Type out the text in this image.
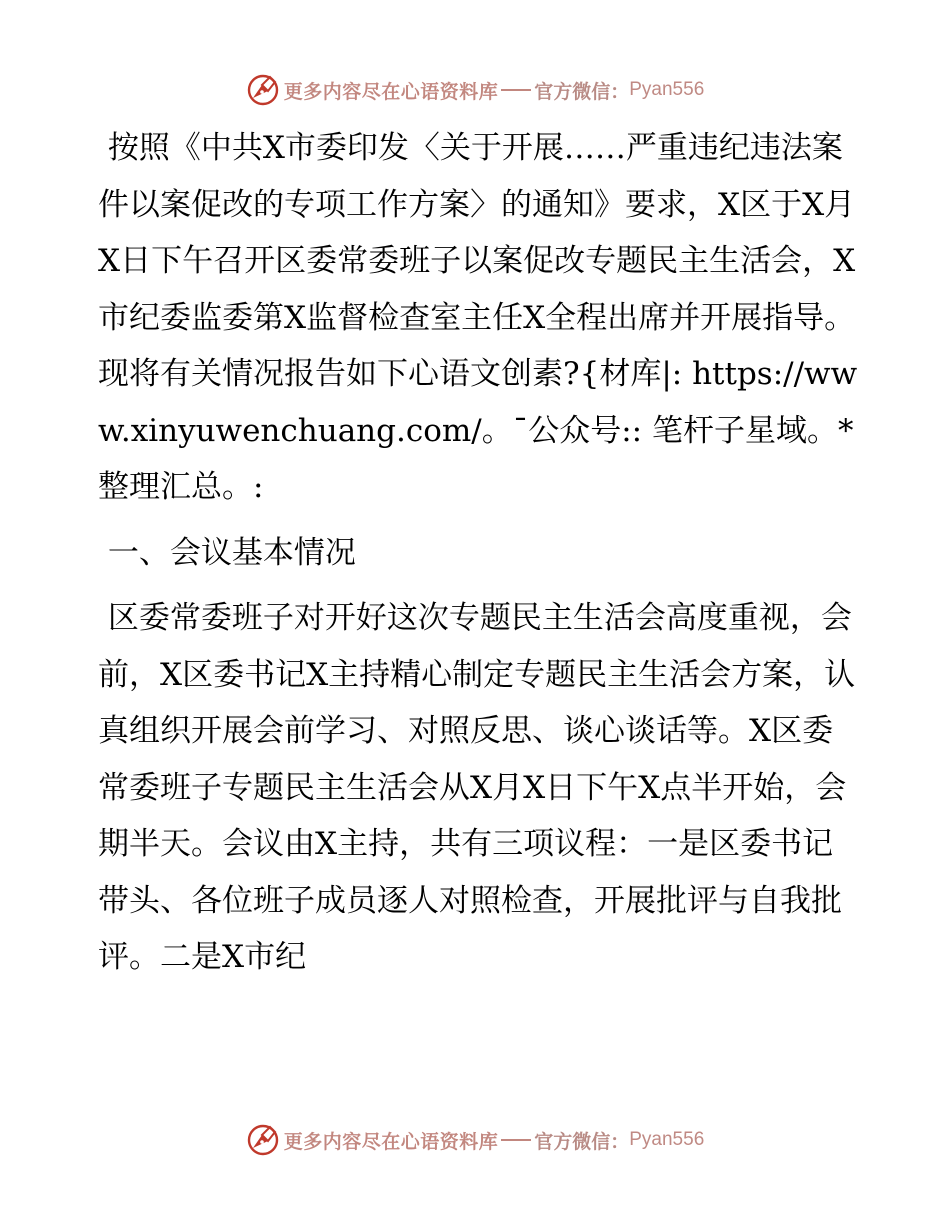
更多内容尽在心语资料库 官方微信： Pyan556

按照《中共X市委印发〈关于开展……严重违纪违法案件以案促改的专项工作方案〉的通知》要求，X区于X月X日下午召开区委常委班子以案促改专题民主生活会，X市纪委监委第X监督检查室主任X全程出席并开展指导。现将有关情况报告如下心语文创素?{材库|: https://www.xinyuwenchuang.com/。¯公众号:: 笔杆子星域。*整理汇总。:

一、会议基本情况

区委常委班子对开好这次专题民主生活会高度重视，会前，X区委书记X主持精心制定专题民主生活会方案，认真组织开展会前学习、对照反思、谈心谈话等。X区委常委班子专题民主生活会从X月X日下午X点半开始，会期半天。会议由X主持，共有三项议程：一是区委书记带头、各位班子成员逐人对照检查，开展批评与自我批评。二是X市纪

更多内容尽在心语资料库 官方微信： Pyan556
